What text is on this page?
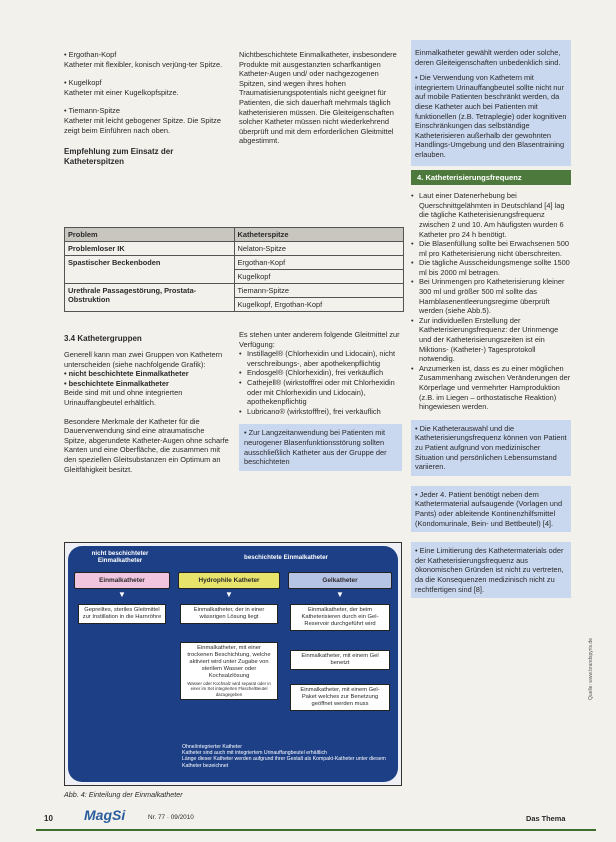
• Ergothan-Kopf
Katheter mit flexibler, konisch verjüng-ter Spitze.
• Kugelkopf
Katheter mit einer Kugelkopfspitze.
• Tiemann-Spitze
Katheter mit leicht gebogener Spitze. Die Spitze zeigt beim Einführen nach oben.
Empfehlung zum Einsatz der Katheterspitzen
Nichtbeschichtete Einmalkatheter, insbesondere Produkte mit ausgestanzten scharfkantigen Katheter-Augen und/ oder nachgezogenen Spitzen, sind wegen ihres hohen Traumatisierungspotentials nicht geeignet für Patienten, die sich dauerhaft mehrmals täglich katheterisieren müssen. Die Gleiteigenschaften solcher Katheter müssen nicht wiederkehrend überprüft und mit dem erforderlichen Gleitmittel abgestimmt.
Problem	Katheterspitze
Problemloser IK	Nelaton-Spitze
Spastischer Beckenboden	Ergothan-Kopf
	Kugelkopf
Urethrale Passagestörung, Prostata-Obstruktion	Tiemann-Spitze
	Kugelkopf, Ergothan-Kopf
3.4 Kathetergruppen
Generell kann man zwei Gruppen von Kathetern unterscheiden (siehe nachfolgende Grafik):
• nicht beschichtete Einmalkatheter
• beschichtete Einmalkatheter
Beide sind mit und ohne integrierten Urinauffangbeutel erhältlich.
Besondere Merkmale der Katheter für die Dauerverwendung sind eine atraumatische Spitze, abgerundete Katheter-Augen ohne scharfe Kanten und eine Oberfläche, die zusammen mit den speziellen Gleitsubstanzen ein Optimum an Gleitfähigkeit besitzt.
Es stehen unter anderem folgende Gleitmittel zur Verfügung:
• Instillagel® (Chlorhexidin und Lidocain), nicht verschreibungs-, aber apothekenpflichtig
• Endosgel® (Chlorhexidin), frei verkäuflich
• Cathejell® (wirkstofffrei oder mit Chlorhexidin oder mit Chlorhexidin und Lidocain), apothekenpflichtig
• Lubricano® (wirkstofffrei), frei verkäuflich
• Zur Langzeitanwendung bei Patienten mit neurogener Blasenfunktionsstörung sollten ausschließlich Katheter aus der Gruppe der beschichteten
Einmalkatheter gewählt werden oder solche, deren Gleiteigenschaften unbedenklich sind.
• Die Verwendung von Kathetern mit integriertem Urinauffangbeutel sollte nicht nur auf mobile Patienten beschränkt werden, da diese Katheter auch bei Patienten mit funktionellen (z.B. Tetraplegie) oder kognitiven Einschränkungen das selbständige Katheterisieren außerhalb der gewohnten Handlings-Umgebung und den Blasentraining erlauben.
4. Katheterisierungsfrequenz
• Laut einer Datenerhebung bei Querschnittgelähmten in Deutschland [4] lag die tägliche Katheterisierungsfrequenz zwischen 2 und 10. Am häufigsten wurden 6 Katheter pro 24 h benötigt.
• Die Blasenfüllung sollte bei Erwachsenen 500 ml pro Katheterisierung nicht überschreiten.
• Die tägliche Ausscheidungsmenge sollte 1500 ml bis 2000 ml betragen.
• Bei Urinmengen pro Katheterisierung kleiner 300 ml und größer 500 ml sollte das Harnblasenentleerungsregime überprüft werden (siehe Abb.5).
• Zur individuellen Erstellung der Katheterisierungsfrequenz: der Urinmenge und der Katheterisierungszeiten ist ein Miktions- (Katheter-) Tagesprotokoll notwendig.
• Anzumerken ist, dass es zu einer möglichen Zusammenhang zwischen Veränderungen der Körperlage und vermehrter Harnproduktion (z.B. im Liegen – orthostatische Reaktion) hingewiesen werden.
• Die Katheterauswahl und die Katheterisierungsfrequenz können von Patient zu Patient aufgrund von medizinischer Situation und persönlichen Lebensumstand variieren.
• Jeder 4. Patient benötigt neben dem Kathetermaterial aufsaugende (Vorlagen und Pants) oder ableitende Kontinenzhilfsmittel (Kondomurinale, Bein- und Bettbeutel) [4].
• Eine Limitierung des Kathetermaterials oder der Katheterisierungsfrequenz aus ökonomischen Gründen ist nicht zu vertreten, da die Konsequenzen medizinisch nicht zu rechtfertigen sind [8].
nicht beschichteter Einmalkatheter	beschichtete Einmalkatheter
Einmalkatheter	Hydrophile Katheter	Gelkatheter
▼	▼	▼
Gepreiltes, steriles Gleitmittel zur Instillation in die Harnröhre
Einmalkatheter, der in einer wässrigen Lösung liegt
Einmalkatheter, mit einer trockenen Beschichtung, welche aktiviert wird unter Zugabe von sterilem Wasser oder Kochsalzlösung
Wasser oder Kochsalz wird separat oder in einer im Set integrierten Flasche/Beutel dazugegeben
Einmalkatheter, der beim Katheterisieren durch ein Gel-Reservoir durchgeführt wird
Einmalkatheter, mit einem Gel benetzt
Einmalkatheter, mit einem Gel-Paket welches zur Benetzung geöffnet werden muss
Ohne/integrierter Katheter
Katheter sind auch mit integriertem Urinauffangbeutel erhältlich
Länge dieser Katheter werden aufgrund ihrer Gestalt als Kompakt-Katheter unter diesem Katheter bezeichnet
Abb. 4: Einteilung der Einmalkatheter
Quelle: www.brandspyris.de
10 MagSi	Nr. 77 · 09/2010	Das Thema
